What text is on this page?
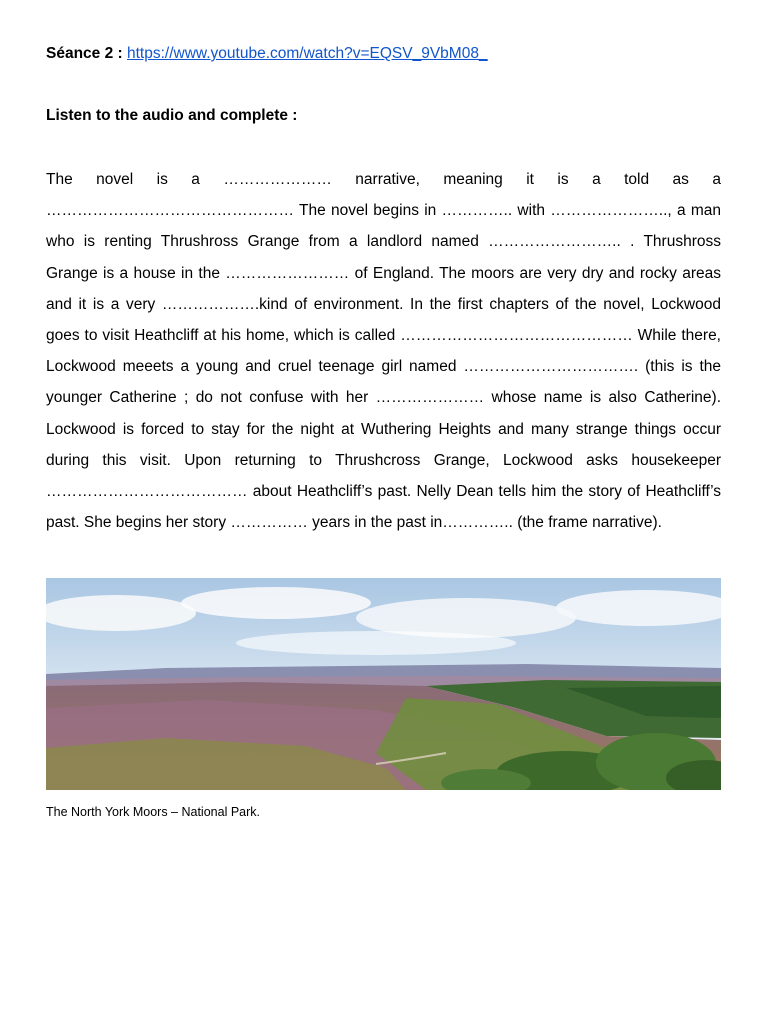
Séance 2 : https://www.youtube.com/watch?v=EQSV_9VbM08_
Listen to the audio and complete :

The novel is a ………………… narrative, meaning it is a told as a ………………………………………… The novel begins in ………….. with ………………….., a man who is renting Thrushross Grange from a landlord named …………………….. . Thrushross Grange is a house in the …………………… of England. The moors are very dry and rocky areas and it is a very ……………….kind of environment. In the first chapters of the novel, Lockwood goes to visit Heathcliff at his home, which is called ……………………………………… While there, Lockwood meeets a young and cruel teenage girl named ……………………………. (this is the younger Catherine ; do not confuse with her ………………… whose name is also Catherine). Lockwood is forced to stay for the night at Wuthering Heights and many strange things occur during this visit. Upon returning to Thrushcross Grange, Lockwood asks housekeeper ………………………………… about Heathcliff’s past. Nelly Dean tells him the story of Heathcliff’s past. She begins her story …………… years in the past in………….. (the frame narrative).

The North York Moors – National Park.
